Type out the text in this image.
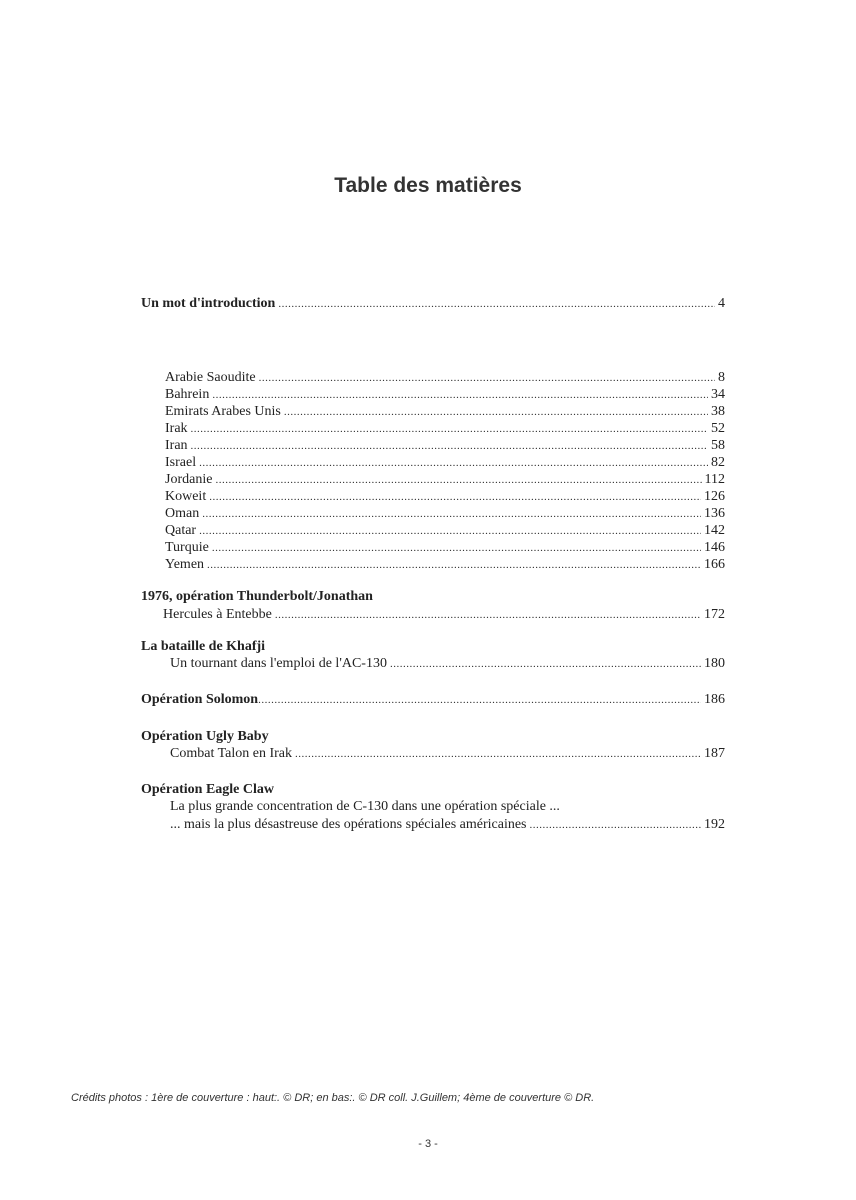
Table des matières
Un mot d'introduction .....	4
Arabie Saoudite .....	8
Bahrein .....	34
Emirats Arabes Unis .....	38
Irak .....	52
Iran .....	58
Israel .....	82
Jordanie .....	112
Koweit .....	126
Oman .....	136
Qatar .....	142
Turquie .....	146
Yemen .....	166
1976, opération Thunderbolt/Jonathan
Hercules à Entebbe .....	172
La bataille de Khafji
Un tournant dans l'emploi de l'AC-130 .....	180
Opération Solomon .....	186
Opération Ugly Baby
Combat Talon en Irak .....	187
Opération Eagle Claw
La plus grande concentration de C-130 dans une opération spéciale ...
... mais la plus désastreuse des opérations spéciales américaines .....	192
Crédits photos : 1ère de couverture : haut:. © DR; en bas:. © DR coll. J.Guillem; 4ème de couverture © DR.
- 3 -
